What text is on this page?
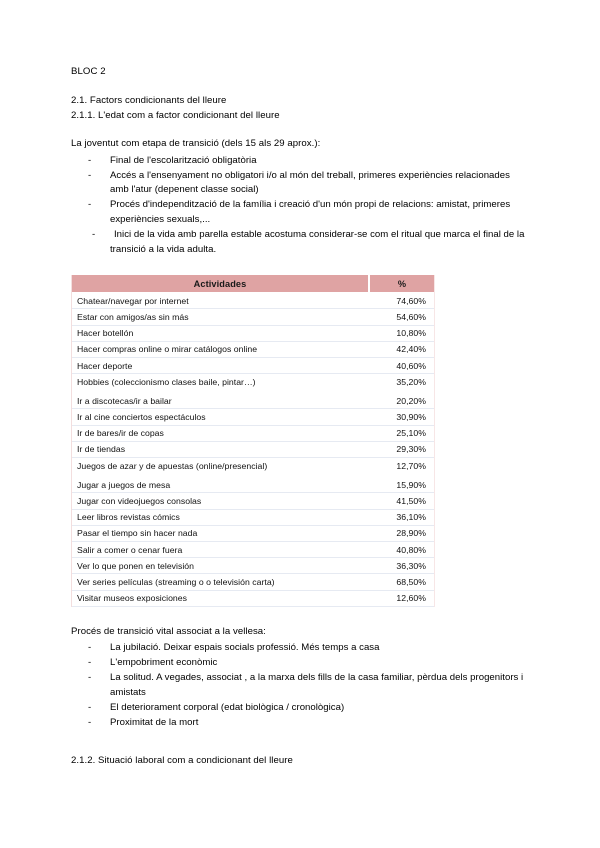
BLOC 2
2.1. Factors condicionants del lleure
2.1.1. L'edat com a factor condicionant del lleure
La joventut com etapa de transició (dels 15 als 29 aprox.):
- Final de l'escolarització obligatòria
- Accés a l'ensenyament no obligatori i/o al món del treball, primeres experiències relacionades amb l'atur (depenent classe social)
- Procés d'independització de la família i creació d'un món propi de relacions: amistat, primeres experiències sexuals,...
- Inici de la vida amb parella estable acostuma considerar-se com el ritual que marca el final de la transició a la vida adulta.
Actividades	%
Chatear/navegar por internet	74,60%
Estar con amigos/as sin más	54,60%
Hacer botellón	10,80%
Hacer compras online o mirar catálogos online	42,40%
Hacer deporte	40,60%
Hobbies (coleccionismo clases baile, pintar…)	35,20%
Ir a discotecas/ir a bailar	20,20%
Ir al cine conciertos espectáculos	30,90%
Ir de bares/ir de copas	25,10%
Ir de tiendas	29,30%
Juegos de azar y de apuestas (online/presencial)	12,70%
Jugar a juegos de mesa	15,90%
Jugar con videojuegos consolas	41,50%
Leer libros revistas cómics	36,10%
Pasar el tiempo sin hacer nada	28,90%
Salir a comer o cenar fuera	40,80%
Ver lo que ponen en televisión	36,30%
Ver series películas (streaming o o televisión carta)	68,50%
Visitar museos exposiciones	12,60%
Procés de transició vital associat a la vellesa:
- La jubilació. Deixar espais socials professió. Més temps a casa
- L'empobriment econòmic
- La solitud. A vegades, associat , a la marxa dels fills de la casa familiar, pèrdua dels progenitors i amistats
- El deteriorament corporal (edat biològica / cronològica)
- Proximitat de la mort
2.1.2. Situació laboral com a condicionant del lleure
